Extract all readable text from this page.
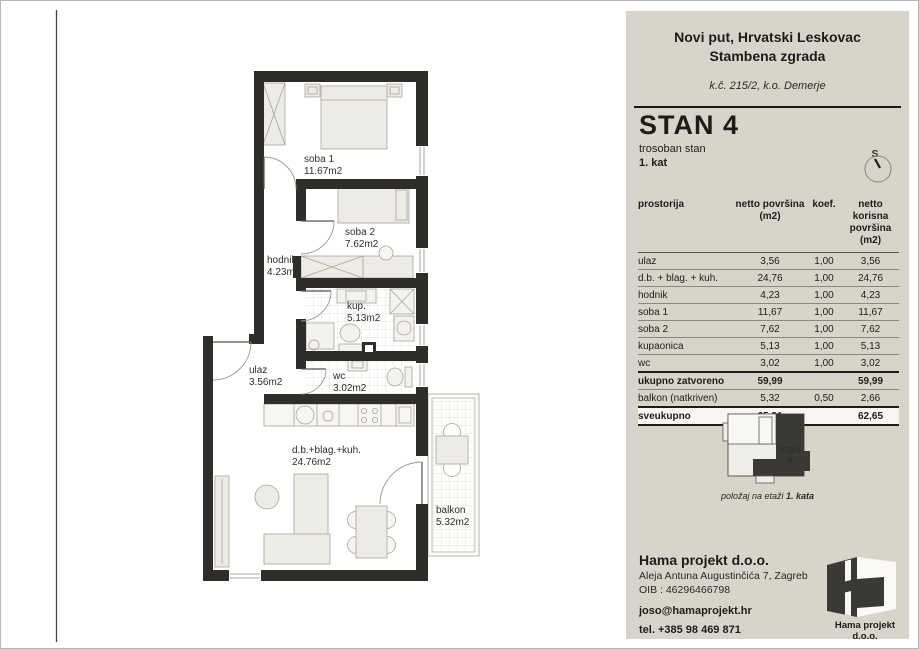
soba 1
11.67m2
soba 2
7.62m2
hodnik
4.23m2
kup.
5.13m2
ulaz
3.56m2
wc
3.02m2
d.b.+blag.+kuh.
24.76m2
balkon
5.32m2
Novi put, Hrvatski Leskovac
Stambena zgrada
k.č. 215/2, k.o. Demerje
STAN 4
trosoban stan
1. kat
S
prostorija	netto površina (m2)	koef.	netto korisna površina (m2)
ulaz	3,56	1,00	3,56
d.b. + blag. + kuh.	24,76	1,00	24,76
hodnik	4,23	1,00	4,23
soba 1	11,67	1,00	11,67
soba 2	7,62	1,00	7,62
kupaonica	5,13	1,00	5,13
wc	3,02	1,00	3,02
ukupno zatvoreno	59,99		59,99
balkon (natkriven)	5,32	0,50	2,66
sveukupno			62,65
STAN
4
položaj na etaži 1. kata
Hama projekt d.o.o.
Aleja Antuna Augustinčića 7, Zagreb
OIB : 46296466798
joso@hamaprojekt.hr
tel. +385 98 469 871	Hama projekt d.o.o.
